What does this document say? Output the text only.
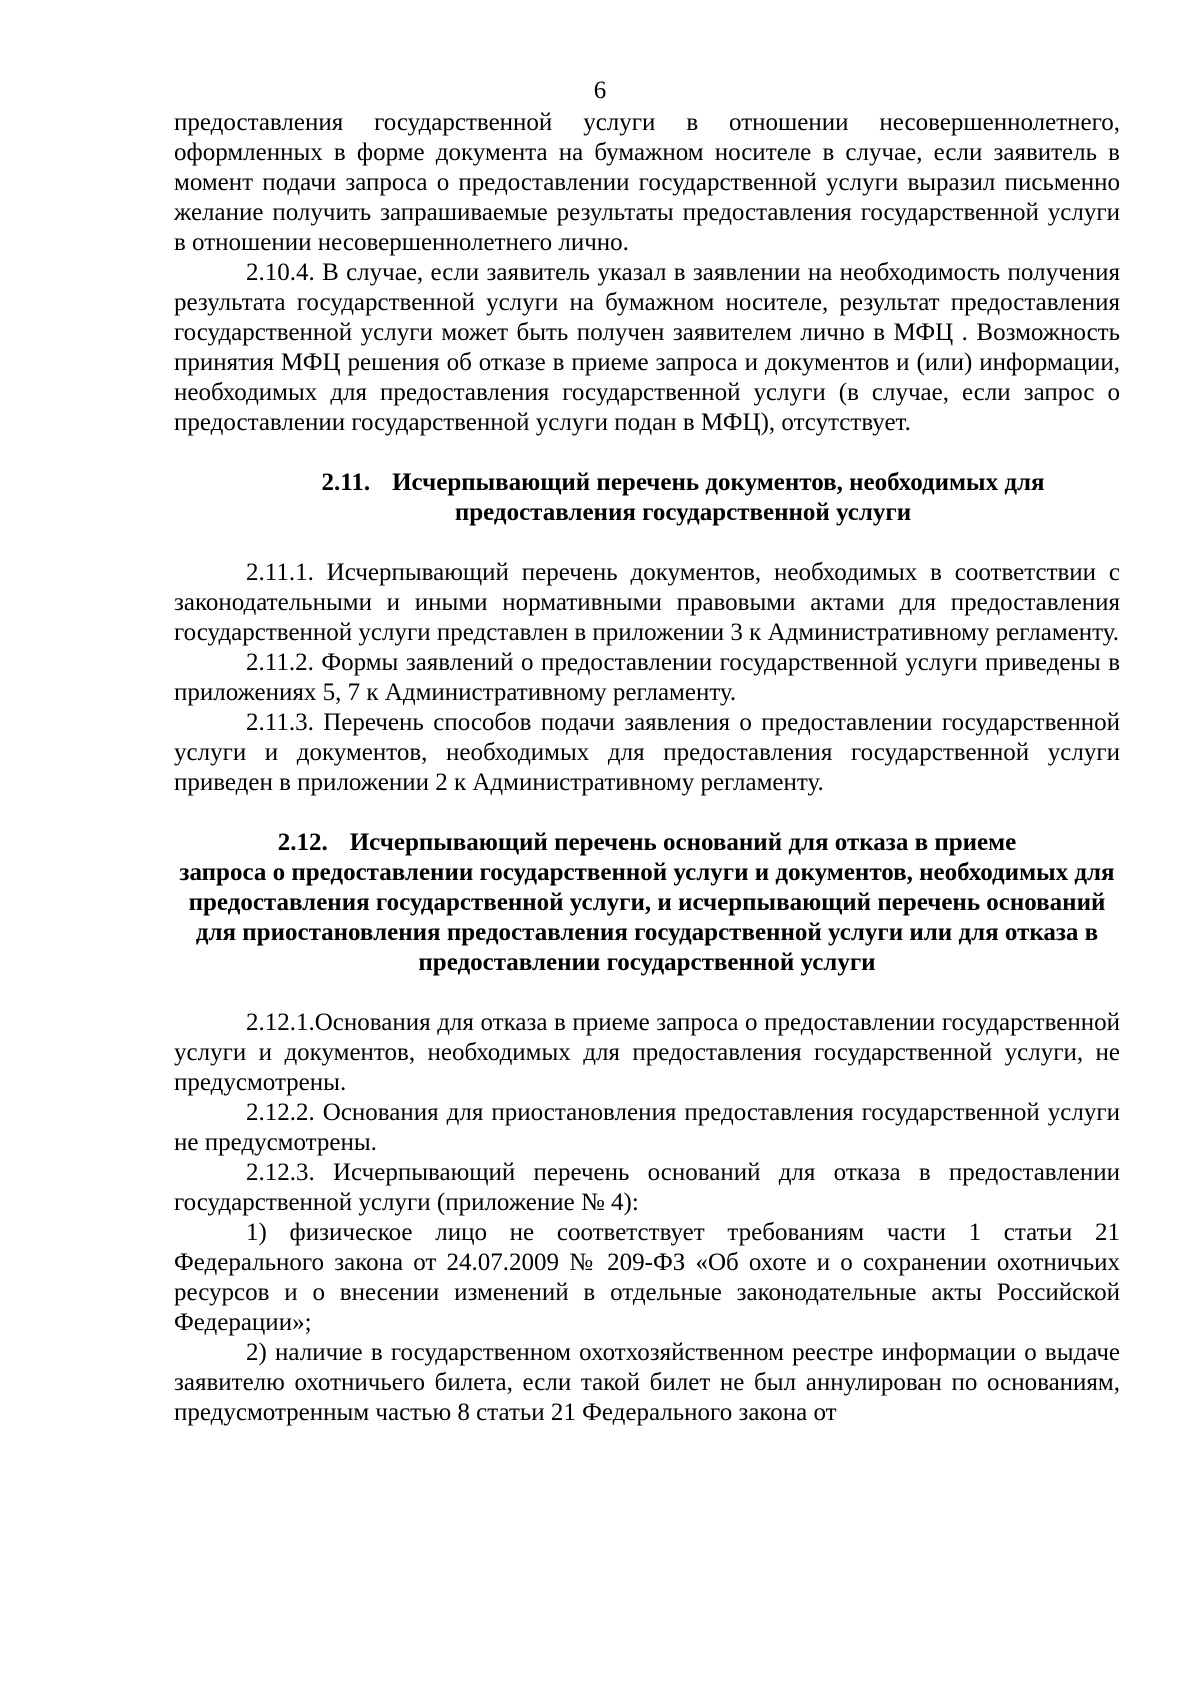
6

предоставления государственной услуги в отношении несовершеннолетнего, оформленных в форме документа на бумажном носителе в случае, если заявитель в момент подачи запроса о предоставлении государственной услуги выразил письменно желание получить запрашиваемые результаты предоставления государственной услуги в отношении несовершеннолетнего лично.

2.10.4. В случае, если заявитель указал в заявлении на необходимость получения результата государственной услуги на бумажном носителе, результат предоставления государственной услуги может быть получен заявителем лично в МФЦ . Возможность принятия МФЦ решения об отказе в приеме запроса и документов и (или) информации, необходимых для предоставления государственной услуги (в случае, если запрос о предоставлении государственной услуги подан в МФЦ), отсутствует.

2.11. Исчерпывающий перечень документов, необходимых для
предоставления государственной услуги

2.11.1. Исчерпывающий перечень документов, необходимых в соответствии с законодательными и иными нормативными правовыми актами для предоставления государственной услуги представлен в приложении 3 к Административному регламенту.

2.11.2. Формы заявлений о предоставлении государственной услуги приведены в приложениях 5, 7 к Административному регламенту.

2.11.3. Перечень способов подачи заявления о предоставлении государственной услуги и документов, необходимых для предоставления государственной услуги приведен в приложении 2 к Административному регламенту.

2.12. Исчерпывающий перечень оснований для отказа в приеме
запроса о предоставлении государственной услуги и документов, необходимых для предоставления государственной услуги, и исчерпывающий перечень оснований для приостановления предоставления государственной услуги или для отказа в предоставлении государственной услуги

2.12.1.Основания для отказа в приеме запроса о предоставлении государственной услуги и документов, необходимых для предоставления государственной услуги, не предусмотрены.

2.12.2. Основания для приостановления предоставления государственной услуги не предусмотрены.

2.12.3. Исчерпывающий перечень оснований для отказа в предоставлении государственной услуги (приложение № 4):

1) физическое лицо не соответствует требованиям части 1 статьи 21 Федерального закона от 24.07.2009 № 209-ФЗ «Об охоте и о сохранении охотничьих ресурсов и о внесении изменений в отдельные законодательные акты Российской Федерации»;

2) наличие в государственном охотхозяйственном реестре информации о выдаче заявителю охотничьего билета, если такой билет не был аннулирован по основаниям, предусмотренным частью 8 статьи 21 Федерального закона от
